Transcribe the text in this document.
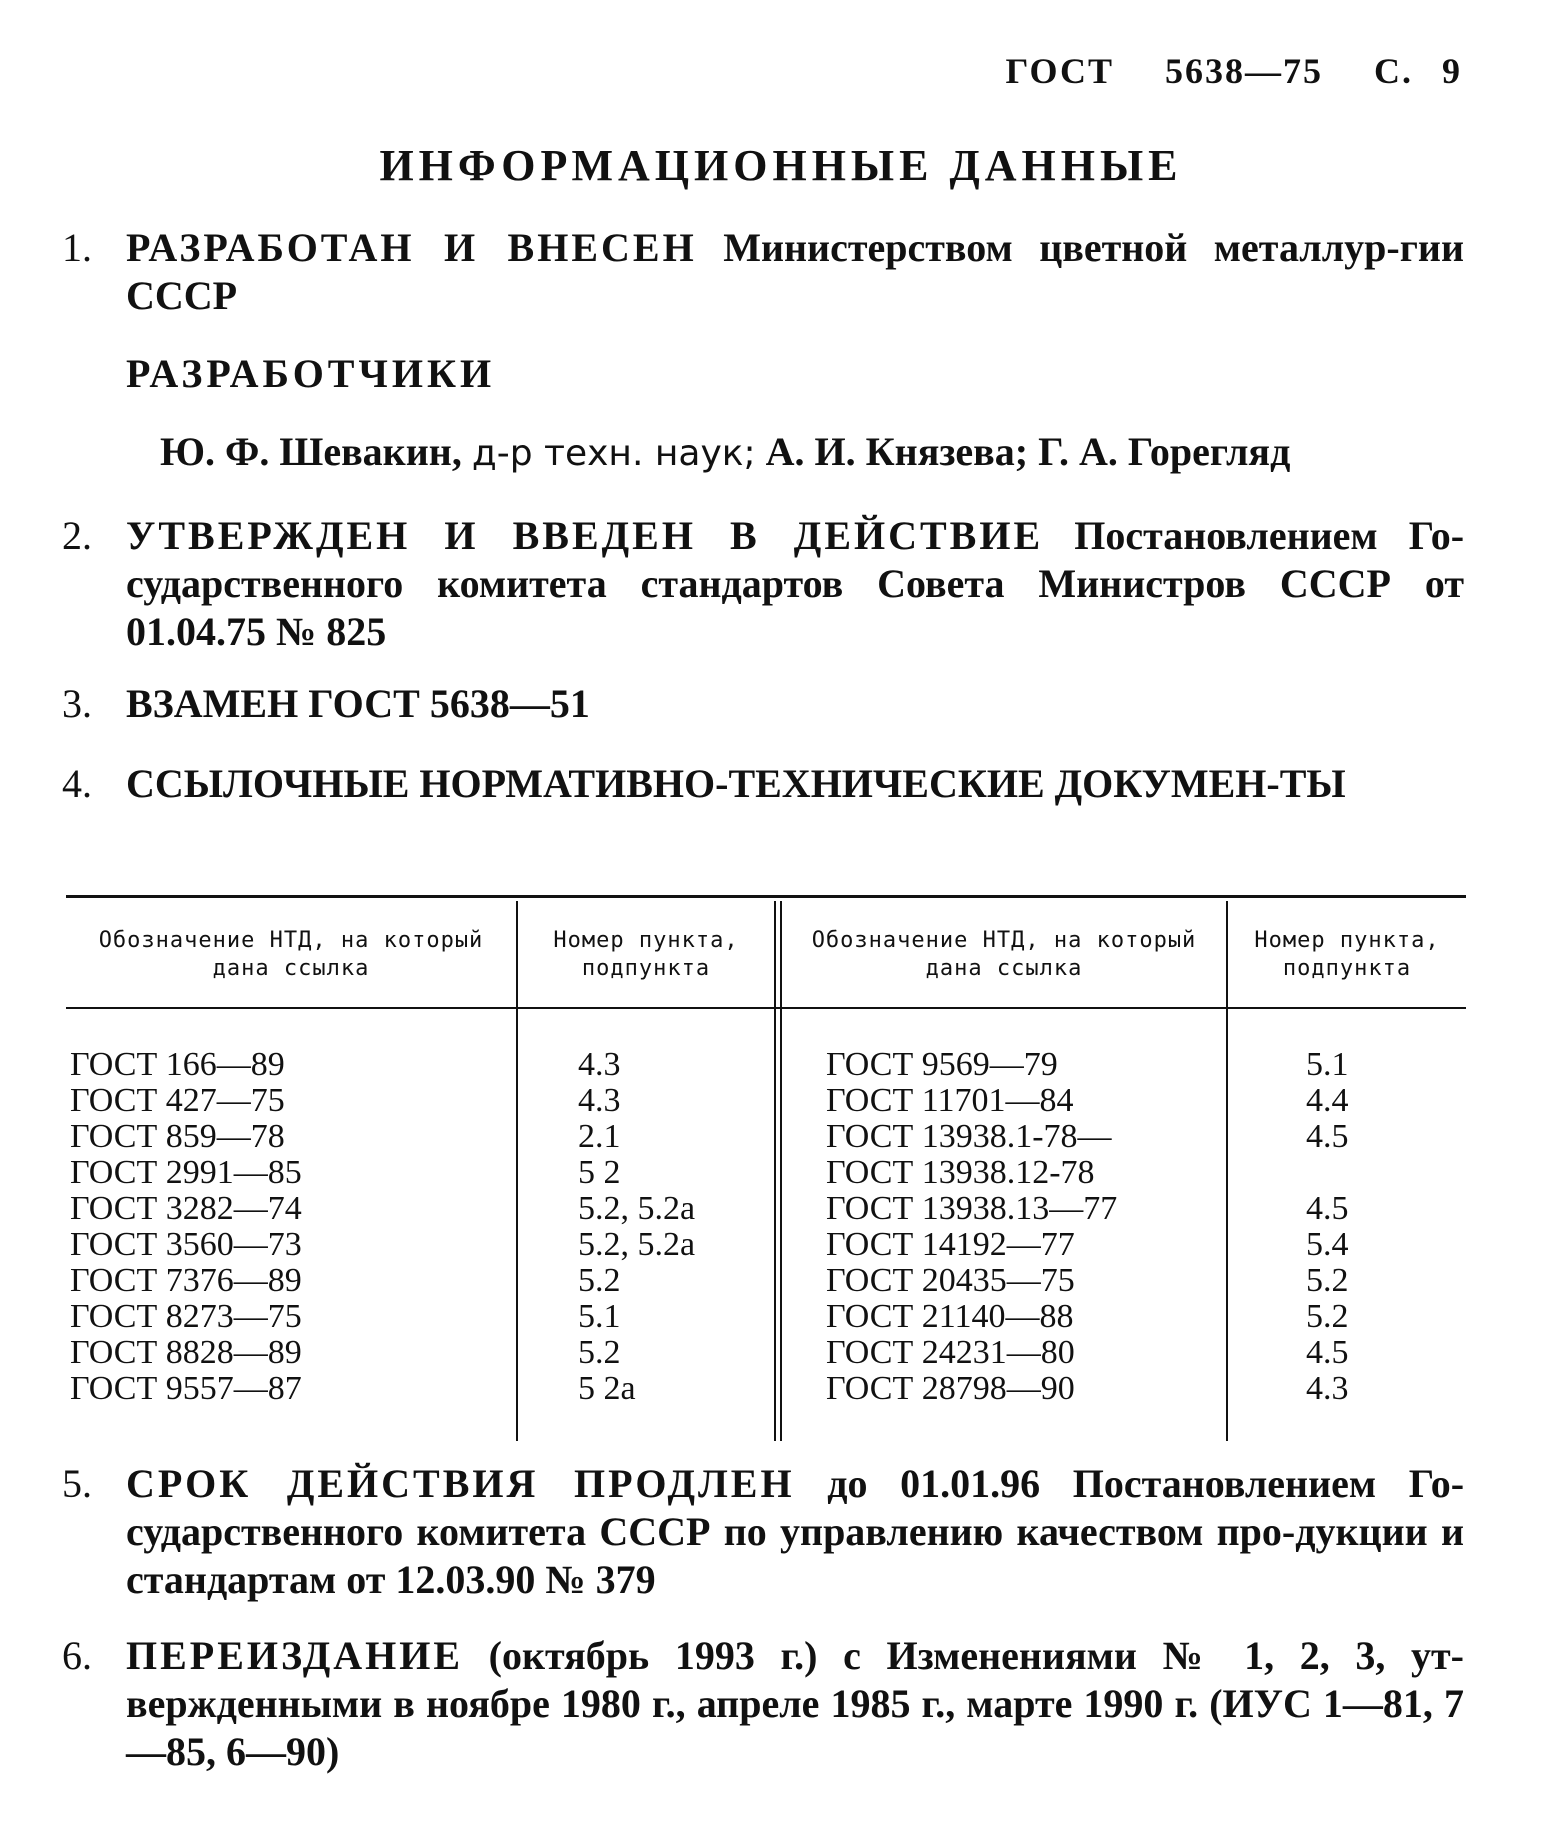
ГОСТ 5638—75 С. 9
ИНФОРМАЦИОННЫЕ ДАННЫЕ
1. РАЗРАБОТАН И ВНЕСЕН Министерством цветной металлур-гии СССР
РАЗРАБОТЧИКИ
Ю. Ф. Шевакин, д-р техн. наук; А. И. Князева; Г. А. Горегляд
2. УТВЕРЖДЕН И ВВЕДЕН В ДЕЙСТВИЕ Постановлением Го-сударственного комитета стандартов Совета Министров СССР от 01.04.75 № 825
3. ВЗАМЕН ГОСТ 5638—51
4. ССЫЛОЧНЫЕ НОРМАТИВНО-ТЕХНИЧЕСКИЕ ДОКУМЕН-ТЫ
Обозначение НТД, на который дана ссылка
Номер пункта, подпункта
Обозначение НТД, на который дана ссылка
Номер пункта, подпункта
ГОСТ 166—89
ГОСТ 427—75
ГОСТ 859—78
ГОСТ 2991—85
ГОСТ 3282—74
ГОСТ 3560—73
ГОСТ 7376—89
ГОСТ 8273—75
ГОСТ 8828—89
ГОСТ 9557—87
4.3
4.3
2.1
5 2
5.2, 5.2а
5.2, 5.2а
5.2
5.1
5.2
5 2а
ГОСТ 9569—79
ГОСТ 11701—84
ГОСТ 13938.1-78—
ГОСТ 13938.12-78
ГОСТ 13938.13—77
ГОСТ 14192—77
ГОСТ 20435—75
ГОСТ 21140—88
ГОСТ 24231—80
ГОСТ 28798—90
5.1
4.4
4.5
4.5
5.4
5.2
5.2
4.5
4.3
5. СРОК ДЕЙСТВИЯ ПРОДЛЕН до 01.01.96 Постановлением Го-сударственного комитета СССР по управлению качеством про-дукции и стандартам от 12.03.90 № 379
6. ПЕРЕИЗДАНИЕ (октябрь 1993 г.) с Изменениями № 1, 2, 3, ут-вержденными в ноябре 1980 г., апреле 1985 г., марте 1990 г. (ИУС 1—81, 7—85, 6—90)
